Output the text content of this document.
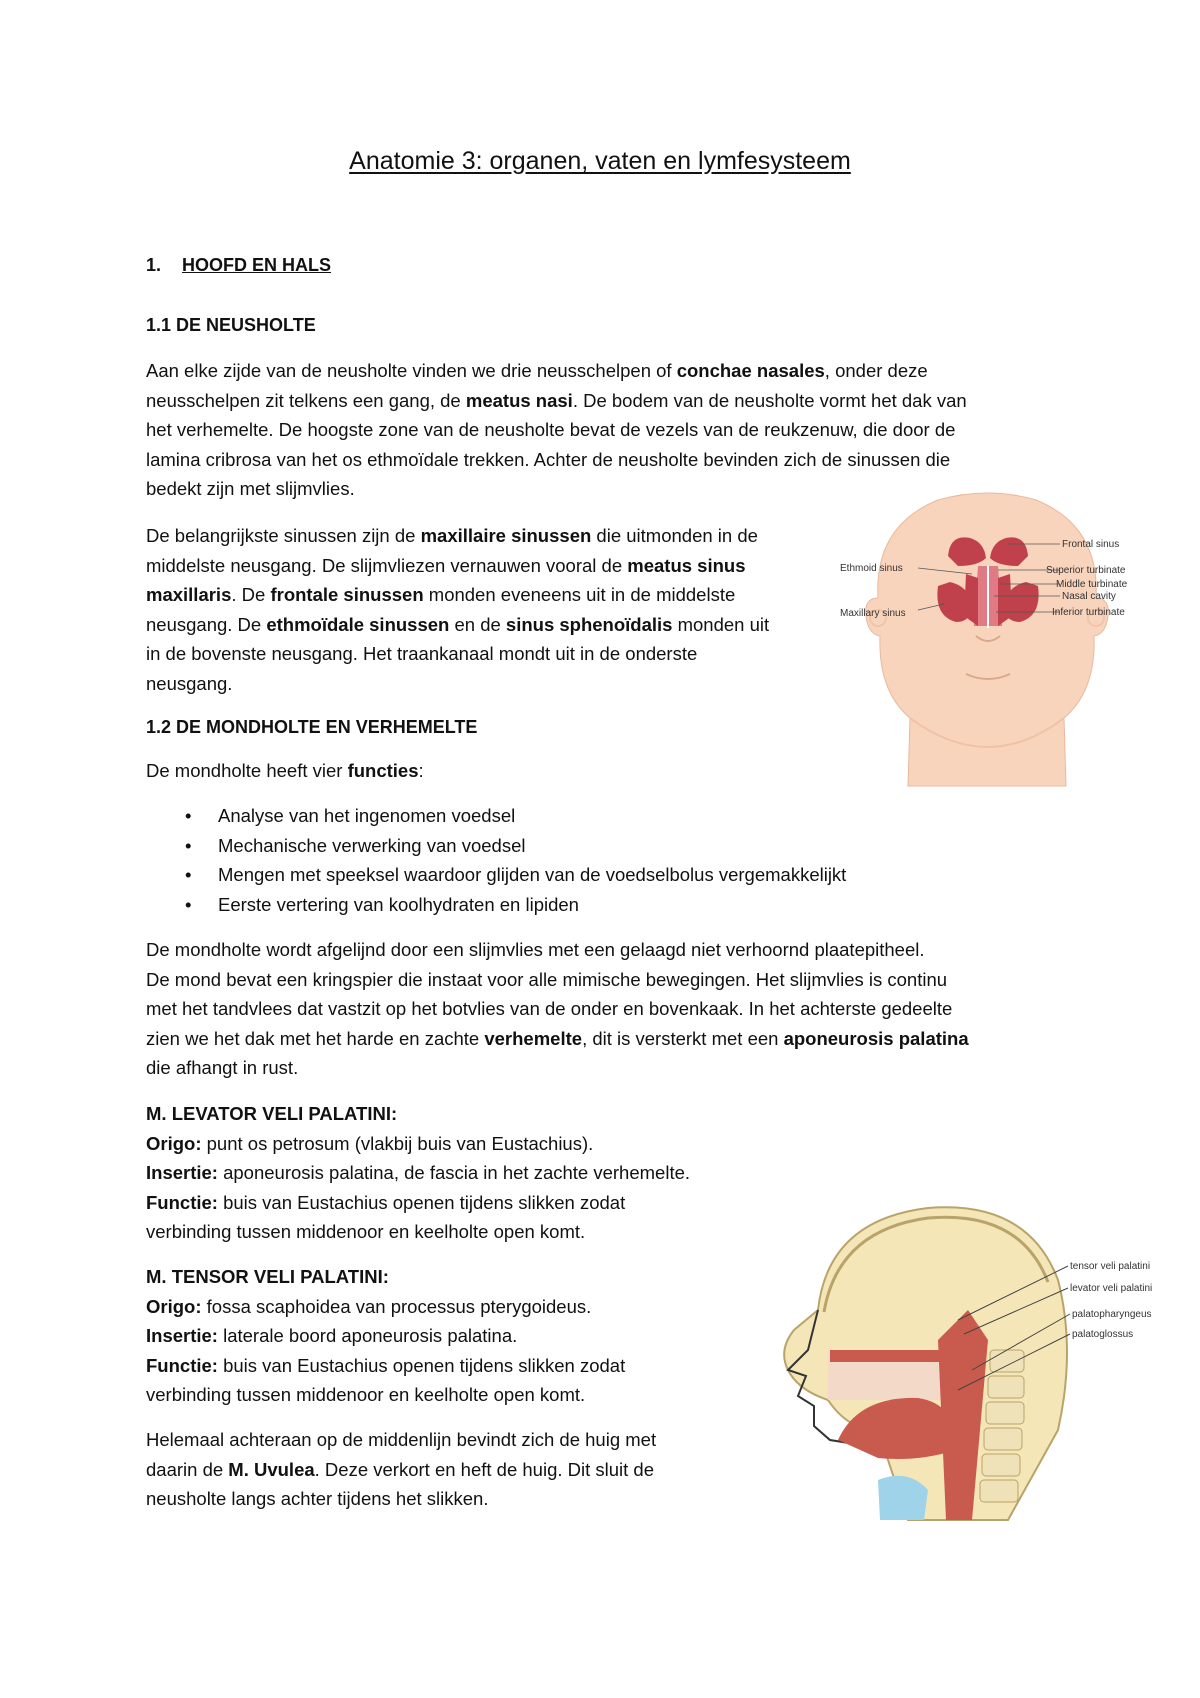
Anatomie 3: organen, vaten en lymfesysteem
1. HOOFD EN HALS
1.1 DE NEUSHOLTE
Aan elke zijde van de neusholte vinden we drie neusschelpen of conchae nasales, onder deze
neusschelpen zit telkens een gang, de meatus nasi. De bodem van de neusholte vormt het dak van
het verhemelte. De hoogste zone van de neusholte bevat de vezels van de reukzenuw, die door de
lamina cribrosa van het os ethmoïdale trekken. Achter de neusholte bevinden zich de sinussen die
bedekt zijn met slijmvlies.
De belangrijkste sinussen zijn de maxillaire sinussen die uitmonden in de
middelste neusgang. De slijmvliezen vernauwen vooral de meatus sinus
maxillaris. De frontale sinussen monden eveneens uit in de middelste
neusgang. De ethmoïdale sinussen en de sinus sphenoïdalis monden uit
in de bovenste neusgang. Het traankanaal mondt uit in de onderste
neusgang.
1.2 DE MONDHOLTE EN VERHEMELTE
De mondholte heeft vier functies:
• Analyse van het ingenomen voedsel
• Mechanische verwerking van voedsel
• Mengen met speeksel waardoor glijden van de voedselbolus vergemakkelijkt
• Eerste vertering van koolhydraten en lipiden
De mondholte wordt afgelijnd door een slijmvlies met een gelaagd niet verhoornd plaatepitheel.
De mond bevat een kringspier die instaat voor alle mimische bewegingen. Het slijmvlies is continu
met het tandvlees dat vastzit op het botvlies van de onder en bovenkaak. In het achterste gedeelte
zien we het dak met het harde en zachte verhemelte, dit is versterkt met een aponeurosis palatina
die afhangt in rust.
M. LEVATOR VELI PALATINI:
Origo: punt os petrosum (vlakbij buis van Eustachius).
Insertie: aponeurosis palatina, de fascia in het zachte verhemelte.
Functie: buis van Eustachius openen tijdens slikken zodat
verbinding tussen middenoor en keelholte open komt.
M. TENSOR VELI PALATINI:
Origo: fossa scaphoidea van processus pterygoideus.
Insertie: laterale boord aponeurosis palatina.
Functie: buis van Eustachius openen tijdens slikken zodat
verbinding tussen middenoor en keelholte open komt.
Helemaal achteraan op de middenlijn bevindt zich de huig met
daarin de M. Uvulea. Deze verkort en heft de huig. Dit sluit de
neusholte langs achter tijdens het slikken.
Frontal sinus
Superior turbinate
Middle turbinate
Nasal cavity
Inferior turbinate
Ethmoid sinus
Maxillary sinus
tensor veli palatini
levator veli palatini
palatopharyngeus
palatoglossus
